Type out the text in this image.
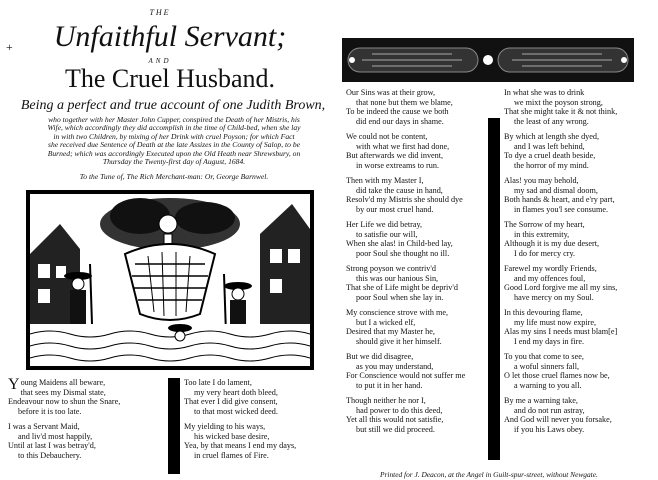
+
THE
Unfaithful Servant;
AND
The Cruel Husband.
Being a perfect and true account of one Judith Brown,
who together with her Master John Cupper, conspired the Death of her Mistris, his
Wife, which accordingly they did accomplish in the time of Child-bed, when she lay
in with two Children, by mixing of her Drink with cruel Poyson; for which Fact
she received due Sentence of Death at the late Assizes in the County of Salop, to be
Burned; which was accordingly Executed upon the Old Heath near Shrewsbury, on
Thursday the Twenty-first day of August, 1684.
To the Tune of, The Rich Merchant-man: Or, George Barnwel.

Young Maidens all beware,
that sees my Dismal state,
Endeavour now to shun the Snare,
before it is too late.

I was a Servant Maid,
and liv'd most happily,
Until at last I was betray'd,
to this Debauchery.

Too late I do lament,
my very heart doth bleed,
That ever I did give consent,
to that most wicked deed.

My yielding to his ways,
his wicked base desire,
Yea, by that means I end my days,
in cruel flames of Fire.

Our Sins was at their grow,
that none but them we blame,
To be indeed the cause we both
did end our days in shame.

We could not be content,
with what we first had done,
But afterwards we did invent,
in worse extreams to run.

Then with my Master I,
did take the cause in hand,
Resolv'd my Mistris she should dye
by our most cruel hand.

Her Life we did betray,
to satisfie our will,
When she alas! in Child-bed lay,
poor Soul she thought no ill.

Strong poyson we contriv'd
this was our hanious Sin,
That she of Life might be depriv'd
poor Soul when she lay in.

My conscience strove with me,
but I a wicked elf,
Desired that my Master he,
should give it her himself.

But we did disagree,
as you may understand,
For Conscience would not suffer me
to put it in her hand.

Though neither he nor I,
had power to do this deed,
Yet all this would not satisfie,
but still we did proceed.

In what she was to drink
we mixt the poyson strong,
That she might take it & not think,
the least of any wrong.

By which at length she dyed,
and I was left behind,
To dye a cruel death beside,
the horror of my mind.

Alas! you may behold,
my sad and dismal doom,
Both hands & heart, and e'ry part,
in flames you'l see consume.

The Sorrow of my heart,
in this extremity,
Although it is my due desert,
I do for mercy cry.

Farewel my wordly Friends,
and my offences foul,
Good Lord forgive me all my sins,
have mercy on my Soul.

In this devouring flame,
my life must now expire,
Alas my sins I needs must blam[e]
I end my days in fire.

To you that come to see,
a woful sinners fall,
O let those cruel flames now be,
a warning to you all.

By me a warning take,
and do not run astray,
And God will never you forsake,
if you his Laws obey.

Printed for J. Deacon, at the Angel in Guilt-spur-street, without Newgate.
